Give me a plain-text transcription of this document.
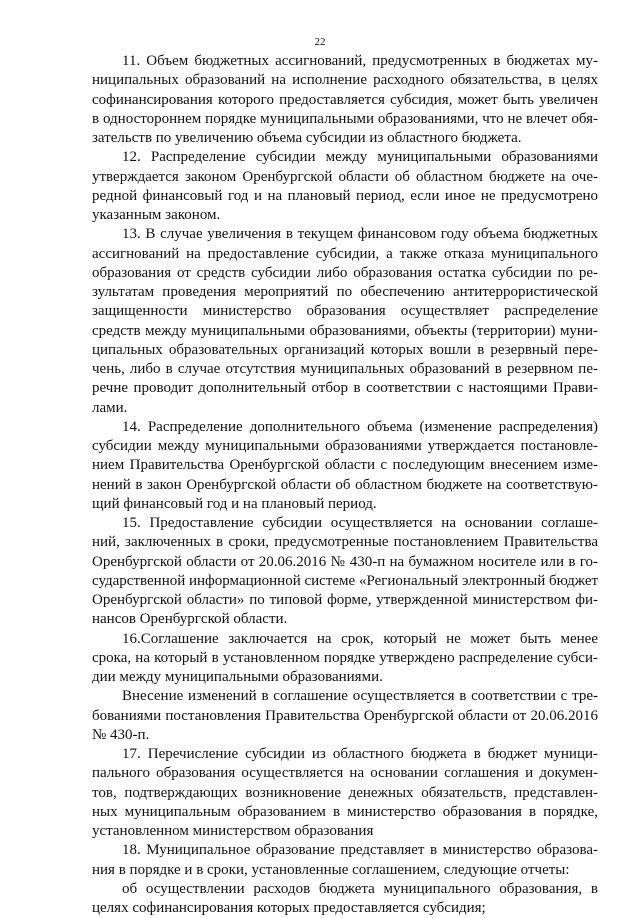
22
11. Объем бюджетных ассигнований, предусмотренных в бюджетах му-
ниципальных образований на исполнение расходного обязательства, в целях
софинансирования которого предоставляется субсидия, может быть увеличен
в одностороннем порядке муниципальными образованиями, что не влечет обя-
зательств по увеличению объема субсидии из областного бюджета.
12. Распределение субсидии между муниципальными образованиями
утверждается законом Оренбургской области об областном бюджете на оче-
редной финансовый год и на плановый период, если иное не предусмотрено
указанным законом.
13. В случае увеличения в текущем финансовом году объема бюджетных
ассигнований на предоставление субсидии, а также отказа муниципального
образования от средств субсидии либо образования остатка субсидии по ре-
зультатам проведения мероприятий по обеспечению антитеррористической
защищенности министерство образования осуществляет распределение
средств между муниципальными образованиями, объекты (территории) муни-
ципальных образовательных организаций которых вошли в резервный пере-
чень, либо в случае отсутствия муниципальных образований в резервном пе-
речне проводит дополнительный отбор в соответствии с настоящими Прави-
лами.
14. Распределение дополнительного объема (изменение распределения)
субсидии между муниципальными образованиями утверждается постановле-
нием Правительства Оренбургской области с последующим внесением изме-
нений в закон Оренбургской области об областном бюджете на соответствую-
щий финансовый год и на плановый период.
15. Предоставление субсидии осуществляется на основании соглаше-
ний, заключенных в сроки, предусмотренные постановлением Правительства
Оренбургской области от 20.06.2016 № 430-п на бумажном носителе или в го-
сударственной информационной системе «Региональный электронный бюджет
Оренбургской области» по типовой форме, утвержденной министерством фи-
нансов Оренбургской области.
16.Соглашение заключается на срок, который не может быть менее
срока, на который в установленном порядке утверждено распределение субси-
дии между муниципальными образованиями.
Внесение изменений в соглашение осуществляется в соответствии с тре-
бованиями постановления Правительства Оренбургской области от 20.06.2016
№ 430-п.
17. Перечисление субсидии из областного бюджета в бюджет муници-
пального образования осуществляется на основании соглашения и докумен-
тов, подтверждающих возникновение денежных обязательств, представлен-
ных муниципальным образованием в министерство образования в порядке,
установленном министерством образования
18. Муниципальное образование представляет в министерство образова-
ния в порядке и в сроки, установленные соглашением, следующие отчеты:
об осуществлении расходов бюджета муниципального образования, в
целях софинансирования которых предоставляется субсидия;
